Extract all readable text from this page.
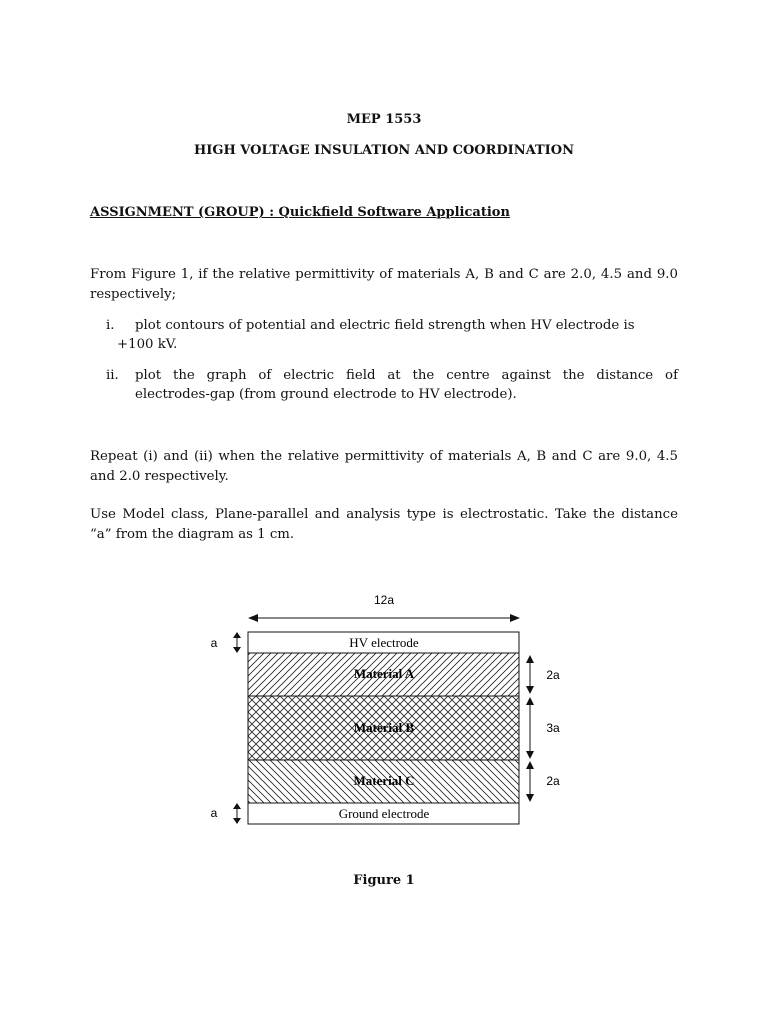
MEP 1553
HIGH VOLTAGE INSULATION AND COORDINATION
ASSIGNMENT (GROUP) : Quickfield Software Application
From Figure 1, if the relative permittivity of materials A, B and C are 2.0, 4.5 and 9.0 respectively;
i. plot contours of potential and electric field strength when HV electrode is
+100 kV.
ii. plot the graph of electric field at the centre against the distance of
electrodes-gap (from ground electrode to HV electrode).
Repeat (i) and (ii) when the relative permittivity of materials A, B and C are 9.0, 4.5 and 2.0 respectively.
Use Model class, Plane-parallel and analysis type is electrostatic. Take the distance “a” from the diagram as 1 cm.
12a
HV electrode
Material A
Material B
Material C
Ground electrode
a
a
2a
3a
2a
Figure 1
